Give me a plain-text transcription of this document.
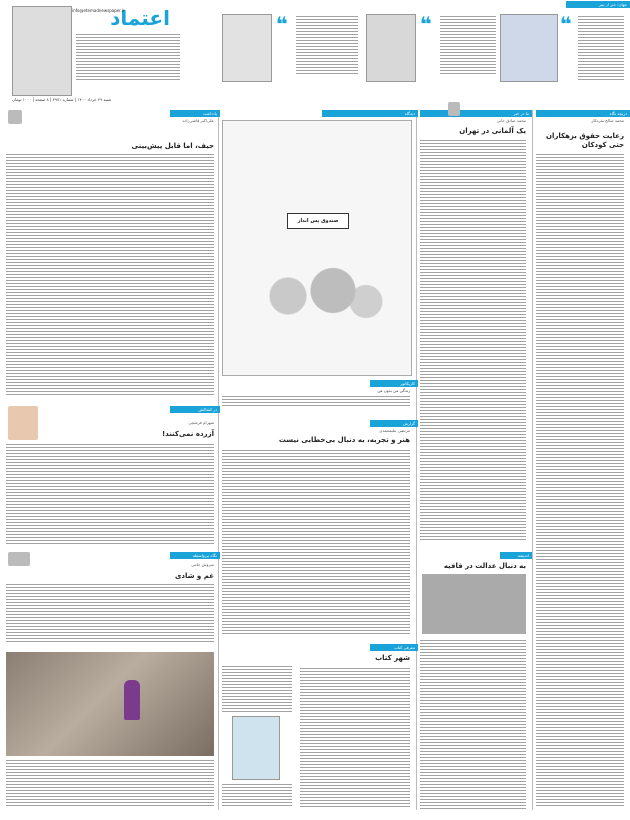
اعتماد
info@etemadnewspaper.ir
❝	❝	❝
شنبه ۲۹ خرداد ۱۴۰۰ | شماره ۴۹۷۱ | ۸ صفحه | ۱۰۰۰ تومان
جهان؛ خبر از تیتر
دریچه نگاه
محمد صالح نقره‌کار
رعایت حقوق بزهکاران حتی کودکان
ما در خبر
محمد صادق خانی
یک آلمانی در تهران
اندیشه
به دنبال عدالت در قافیه
دیدگاه
صندوق پس انداز
کاریکاتور
زندگی من بدون من
گزارش
مرتضی علیمحمدی
هنر و تجربه، به دنبال بی‌خطایی نیست
معرفی کتاب
شهر کتاب
یادداشت
علی‌اکبر قاضی‌زاده
حیف، اما قابل پیش‌بینی
در کشاکش
شهرام فرشچی
آزرده نمی‌کنند!
نگاه بی‌واسطه
سروش جامی
غم و شادی
